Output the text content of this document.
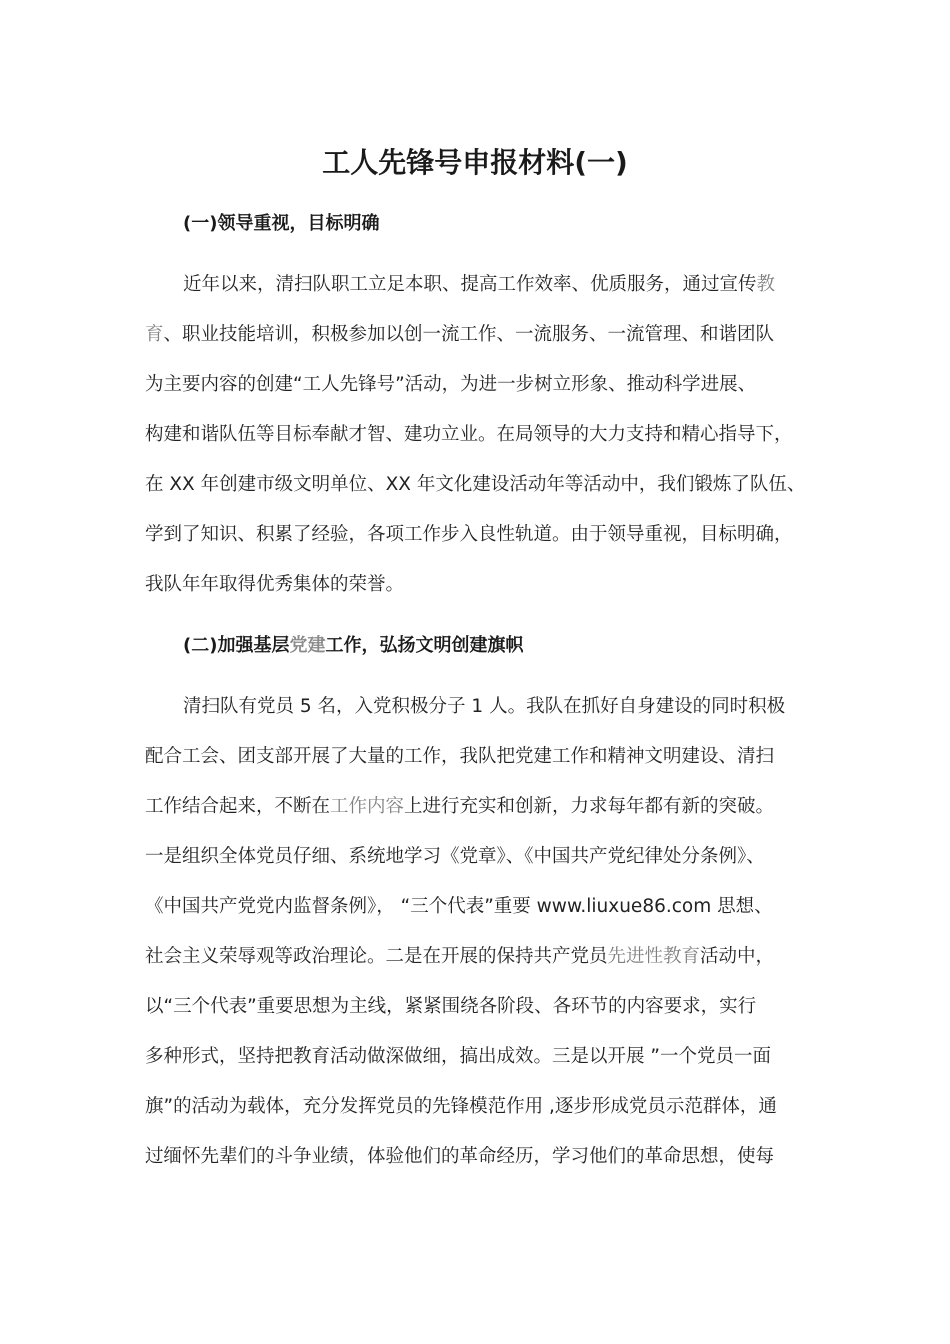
工人先锋号申报材料(一)
(一)领导重视，目标明确
近年以来，清扫队职工立足本职、提高工作效率、优质服务，通过宣传教
育、职业技能培训，积极参加以创一流工作、一流服务、一流管理、和谐团队
为主要内容的创建“工人先锋号”活动，为进一步树立形象、推动科学进展、
构建和谐队伍等目标奉献才智、建功立业。在局领导的大力支持和精心指导下，
在 XX 年创建市级文明单位、XX 年文化建设活动年等活动中，我们锻炼了队伍、
学到了知识、积累了经验，各项工作步入良性轨道。由于领导重视，目标明确，
我队年年取得优秀集体的荣誉。
(二)加强基层党建工作，弘扬文明创建旗帜
清扫队有党员 5 名，入党积极分子 1 人。我队在抓好自身建设的同时积极
配合工会、团支部开展了大量的工作，我队把党建工作和精神文明建设、清扫
工作结合起来，不断在工作内容上进行充实和创新，力求每年都有新的突破。
一是组织全体党员仔细、系统地学习《党章》、《中国共产党纪律处分条例》、
《中国共产党党内监督条例》， “三个代表”重要 www.liuxue86.com 思想、
社会主义荣辱观等政治理论。二是在开展的保持共产党员先进性教育活动中，
以“三个代表”重要思想为主线，紧紧围绕各阶段、各环节的内容要求，实行
多种形式，坚持把教育活动做深做细，搞出成效。三是以开展 ”一个党员一面
旗”的活动为载体，充分发挥党员的先锋模范作用 ,逐步形成党员示范群体，通
过缅怀先辈们的斗争业绩，体验他们的革命经历，学习他们的革命思想，使每
